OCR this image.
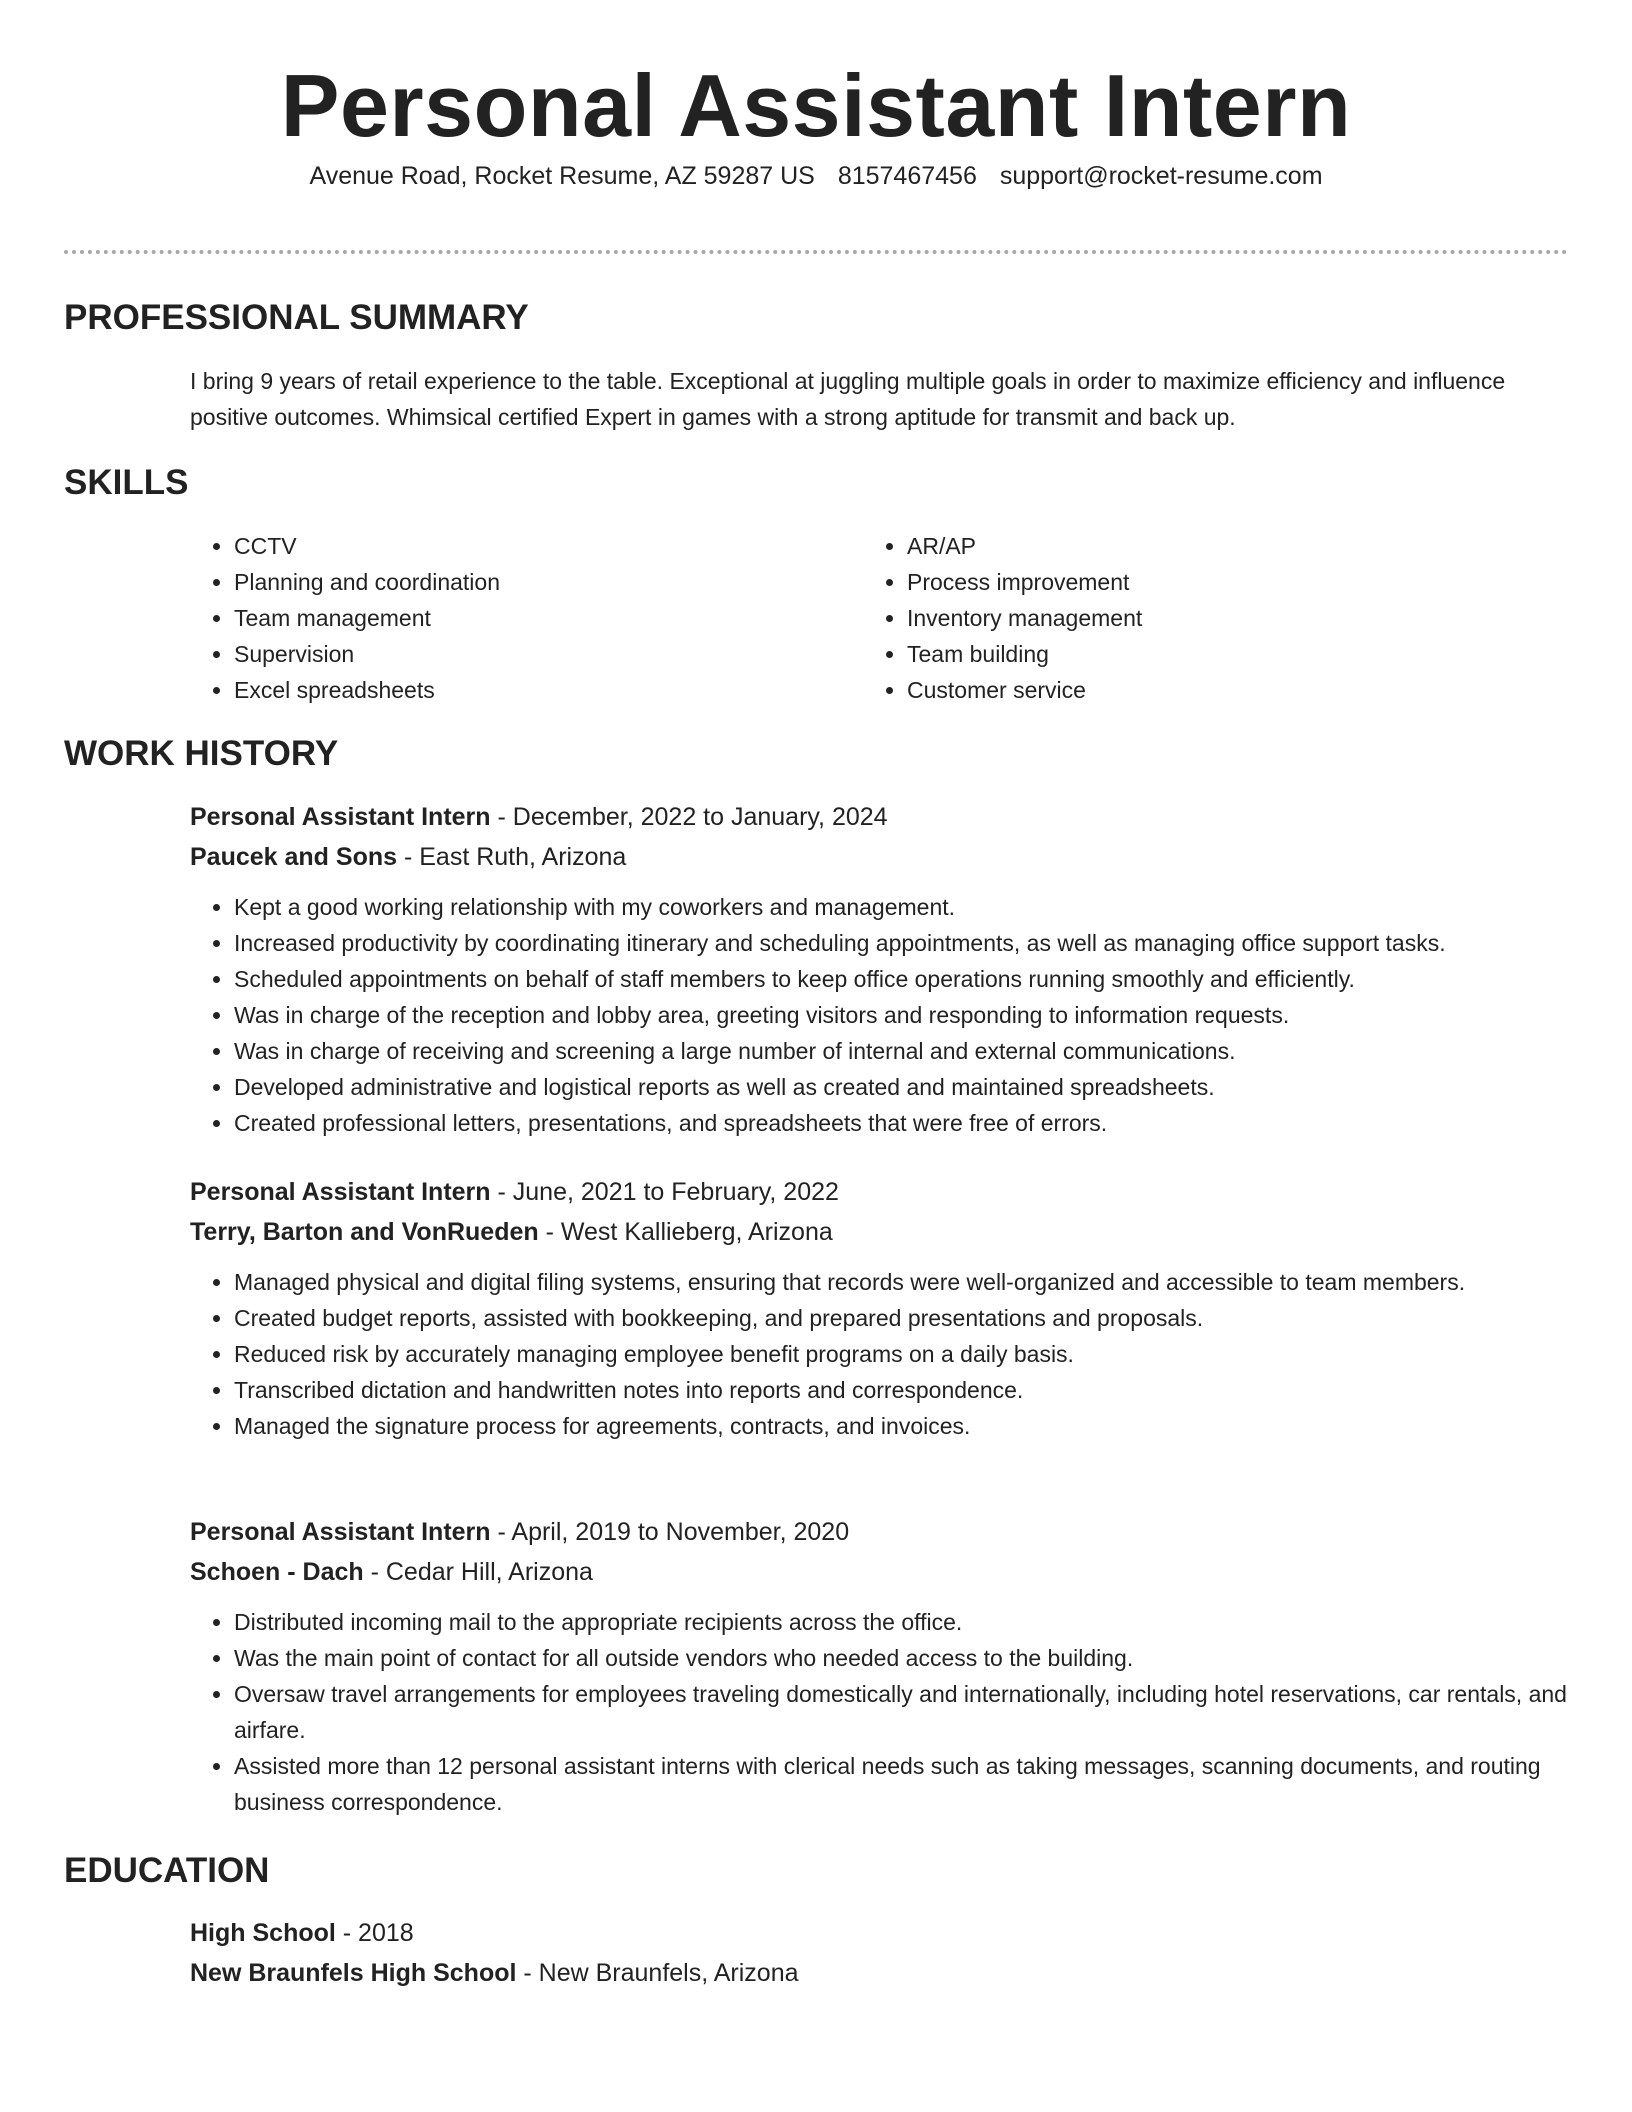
Personal Assistant Intern
Avenue Road, Rocket Resume, AZ 59287 US 8157467456 support@rocket-resume.com
PROFESSIONAL SUMMARY
I bring 9 years of retail experience to the table. Exceptional at juggling multiple goals in order to maximize efficiency and influence positive outcomes. Whimsical certified Expert in games with a strong aptitude for transmit and back up.
SKILLS
• CCTV
• Planning and coordination
• Team management
• Supervision
• Excel spreadsheets
• AR/AP
• Process improvement
• Inventory management
• Team building
• Customer service
WORK HISTORY
Personal Assistant Intern - December, 2022 to January, 2024
Paucek and Sons - East Ruth, Arizona
• Kept a good working relationship with my coworkers and management.
• Increased productivity by coordinating itinerary and scheduling appointments, as well as managing office support tasks.
• Scheduled appointments on behalf of staff members to keep office operations running smoothly and efficiently.
• Was in charge of the reception and lobby area, greeting visitors and responding to information requests.
• Was in charge of receiving and screening a large number of internal and external communications.
• Developed administrative and logistical reports as well as created and maintained spreadsheets.
• Created professional letters, presentations, and spreadsheets that were free of errors.
Personal Assistant Intern - June, 2021 to February, 2022
Terry, Barton and VonRueden - West Kallieberg, Arizona
• Managed physical and digital filing systems, ensuring that records were well-organized and accessible to team members.
• Created budget reports, assisted with bookkeeping, and prepared presentations and proposals.
• Reduced risk by accurately managing employee benefit programs on a daily basis.
• Transcribed dictation and handwritten notes into reports and correspondence.
• Managed the signature process for agreements, contracts, and invoices.
Personal Assistant Intern - April, 2019 to November, 2020
Schoen - Dach - Cedar Hill, Arizona
• Distributed incoming mail to the appropriate recipients across the office.
• Was the main point of contact for all outside vendors who needed access to the building.
• Oversaw travel arrangements for employees traveling domestically and internationally, including hotel reservations, car rentals, and airfare.
• Assisted more than 12 personal assistant interns with clerical needs such as taking messages, scanning documents, and routing business correspondence.
EDUCATION
High School - 2018
New Braunfels High School - New Braunfels, Arizona
